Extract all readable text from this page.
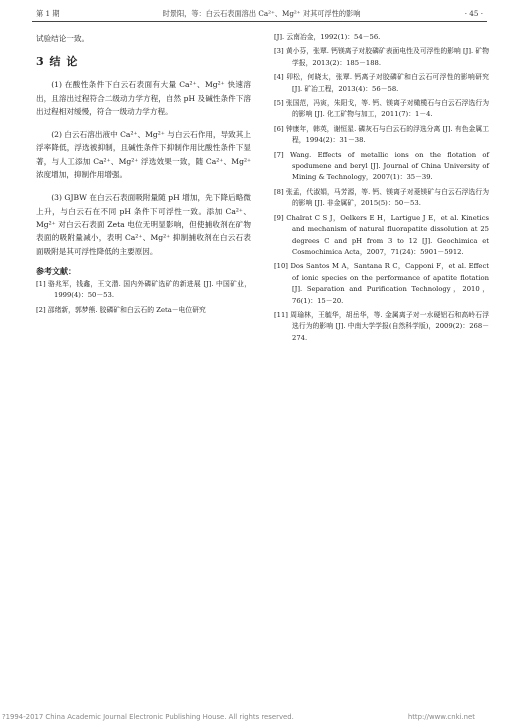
第 1 期	时景阳，等：白云石表面溶出 Ca²⁺、Mg²⁺ 对其可浮性的影响	· 45 ·

试验结论一致。

3 结 论

(1) 在酸性条件下白云石表面有大量 Ca²⁺、Mg²⁺ 快速溶出，且溶出过程符合二级动力学方程，自然 pH 及碱性条件下溶出过程相对缓慢，符合一级动力学方程。

(2) 白云石溶出液中 Ca²⁺、Mg²⁺ 与白云石作用，导致其上浮率降低，浮选被抑制，且碱性条件下抑制作用比酸性条件下显著，与人工添加 Ca²⁺、Mg²⁺ 浮选效果一致，随 Ca²⁺、Mg²⁺ 浓度增加，抑制作用增强。

(3) GJBW 在白云石表面吸附量随 pH 增加，先下降后略微上升，与白云石在不同 pH 条件下可浮性一致。添加 Ca²⁺、Mg²⁺ 对白云石表面 Zeta 电位无明显影响，但使捕收剂在矿物表面的吸附量减小，表明 Ca²⁺、Mg²⁺ 抑制捕收剂在白云石表面吸附是其可浮性降低的主要原因。

参考文献：

[1] 骆兆军，钱鑫，王文潜. 国内外磷矿选矿的新进展 [J]. 中国矿业，1999(4)：50－53.

[2] 邵绪新，郭梦熊. 胶磷矿和白云石的 Zeta－电位研究

[J]. 云南冶金，1992(1)：54－56.

[3] 黄小芬，张覃. 钙镁离子对胶磷矿表面电性及可浮性的影响 [J]. 矿物学报，2013(2)：185－188.

[4] 卯松，何晓太，张覃. 钙离子对胶磷矿和白云石可浮性的影响研究 [J]. 矿冶工程，2013(4)：56－58.

[5] 张国范，冯寅，朱阳戈，等. 钙、镁离子对橄榄石与白云石浮选行为的影响 [J]. 化工矿物与加工，2011(7)：1－4.

[6] 钟康年，韩英，谢恒星. 磷灰石与白云石的浮选分离 [J]. 有色金属工程，1994(2)：31－38.

[7] Wang. Effects of metallic ions on the flotation of spodumene and beryl [J]. Journal of China University of Mining & Technology，2007(1)：35－39.

[8] 张孟，代淑娟，马芳源，等. 钙、镁离子对菱镁矿与白云石浮选行为的影响 [J]. 非金属矿，2015(5)：50－53.

[9] Chaïrat C S J，Oelkers E H，Lartigue J E，et al. Kinetics and mechanism of natural fluorapatite dissolution at 25 degrees C and pH from 3 to 12 [J]. Geochimica et Cosmochimica Acta，2007，71(24)：5901－5912.

[10] Dos Santos M A，Santana R C，Capponi F，et al. Effect of ionic species on the performance of apatite flotation [J]. Separation and Purification Technology，2010，76(1)：15－20.

[11] 周瑜林，王毓华，胡岳华，等. 金属离子对一水硬铝石和高岭石浮选行为的影响 [J]. 中南大学学报(自然科学版)，2009(2)：268－274.

?1994-2017 China Academic Journal Electronic Publishing House. All rights reserved.	http://www.cnki.net
